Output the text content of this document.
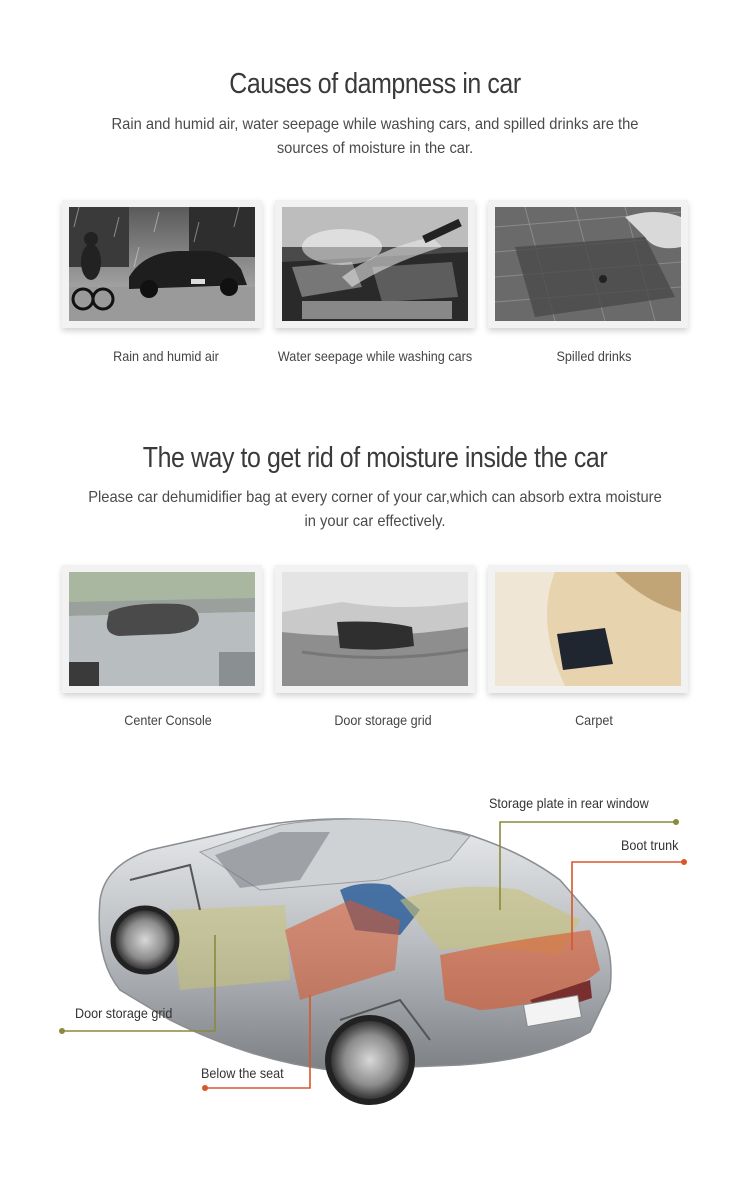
Causes of dampness in car
Rain and humid air, water seepage while washing cars, and spilled drinks are the sources of moisture in the car.
Rain and humid air	Water seepage while washing cars	Spilled drinks
The way to get rid of moisture inside the car
Please car dehumidifier bag at every corner of your car,which can absorb extra moisture in your car effectively.
Center Console	Door storage grid	Carpet
Storage plate in rear window
Boot trunk
Door storage grid
Below the seat
